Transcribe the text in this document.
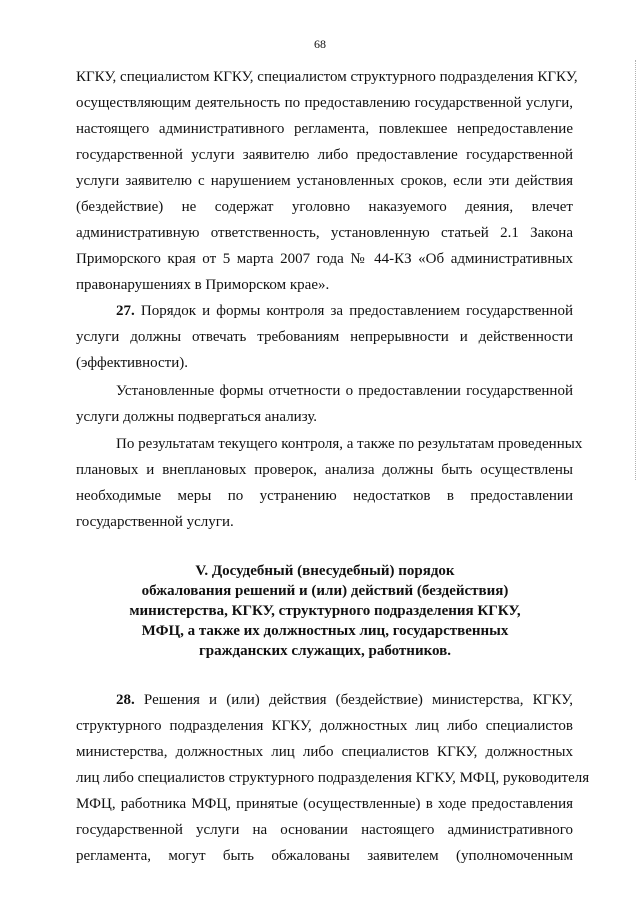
68
КГКУ, специалистом КГКУ, специалистом структурного подразделения КГКУ,
осуществляющим деятельность по предоставлению государственной услуги,
настоящего административного регламента, повлекшее непредоставление
государственной услуги заявителю либо предоставление государственной
услуги заявителю с нарушением установленных сроков, если эти действия
(бездействие) не содержат уголовно наказуемого деяния, влечет
административную ответственность, установленную статьей 2.1 Закона
Приморского края от 5 марта 2007 года № 44-КЗ «Об административных
правонарушениях в Приморском крае».
27. Порядок и формы контроля за предоставлением государственной
услуги должны отвечать требованиям непрерывности и действенности
(эффективности).
Установленные формы отчетности о предоставлении государственной
услуги должны подвергаться анализу.
По результатам текущего контроля, а также по результатам проведенных
плановых и внеплановых проверок, анализа должны быть осуществлены
необходимые меры по устранению недостатков в предоставлении
государственной услуги.
V. Досудебный (внесудебный) порядок
обжалования решений и (или) действий (бездействия)
министерства, КГКУ, структурного подразделения КГКУ,
МФЦ, а также их должностных лиц, государственных
гражданских служащих, работников.
28. Решения и (или) действия (бездействие) министерства, КГКУ,
структурного подразделения КГКУ, должностных лиц либо специалистов
министерства, должностных лиц либо специалистов КГКУ, должностных
лиц либо специалистов структурного подразделения КГКУ, МФЦ, руководителя
МФЦ, работника МФЦ, принятые (осуществленные) в ходе предоставления
государственной услуги на основании настоящего административного
регламента, могут быть обжалованы заявителем (уполномоченным
